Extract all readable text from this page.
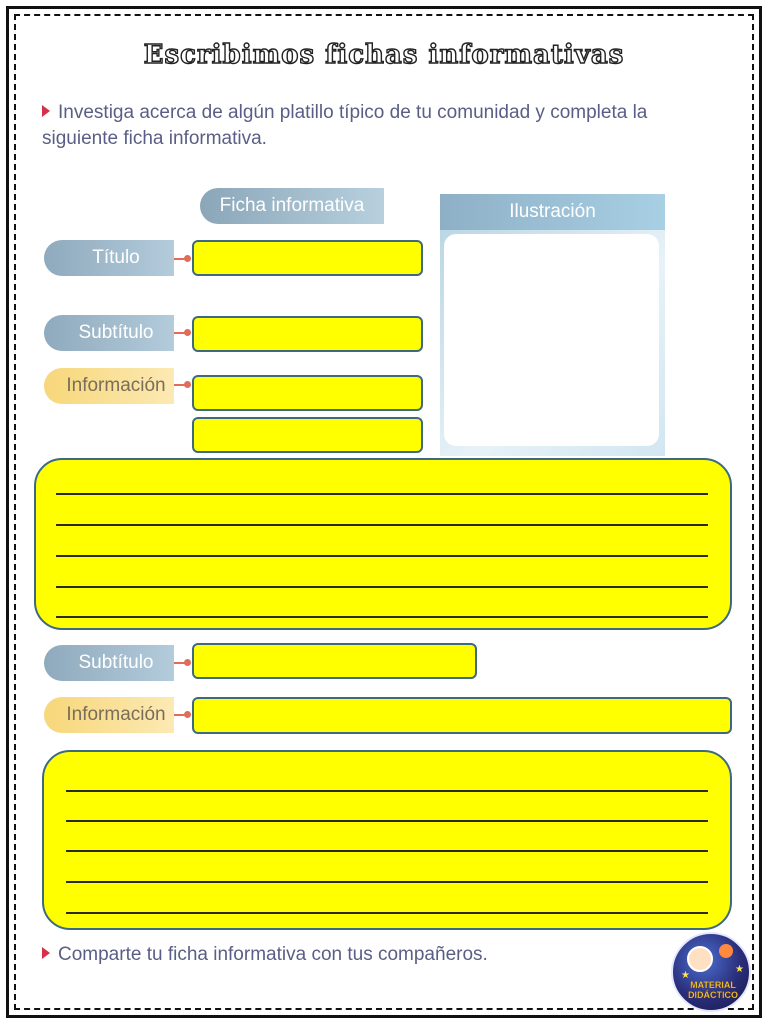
Escribimos fichas informativas
Investiga acerca de algún platillo típico de tu comunidad y completa la siguiente ficha informativa.
Ficha informativa	Ilustración
Título
Subtítulo
Información
Subtítulo
Información
Comparte tu ficha informativa con tus compañeros.
★
★
MATERIAL
DIDÁCTICO
